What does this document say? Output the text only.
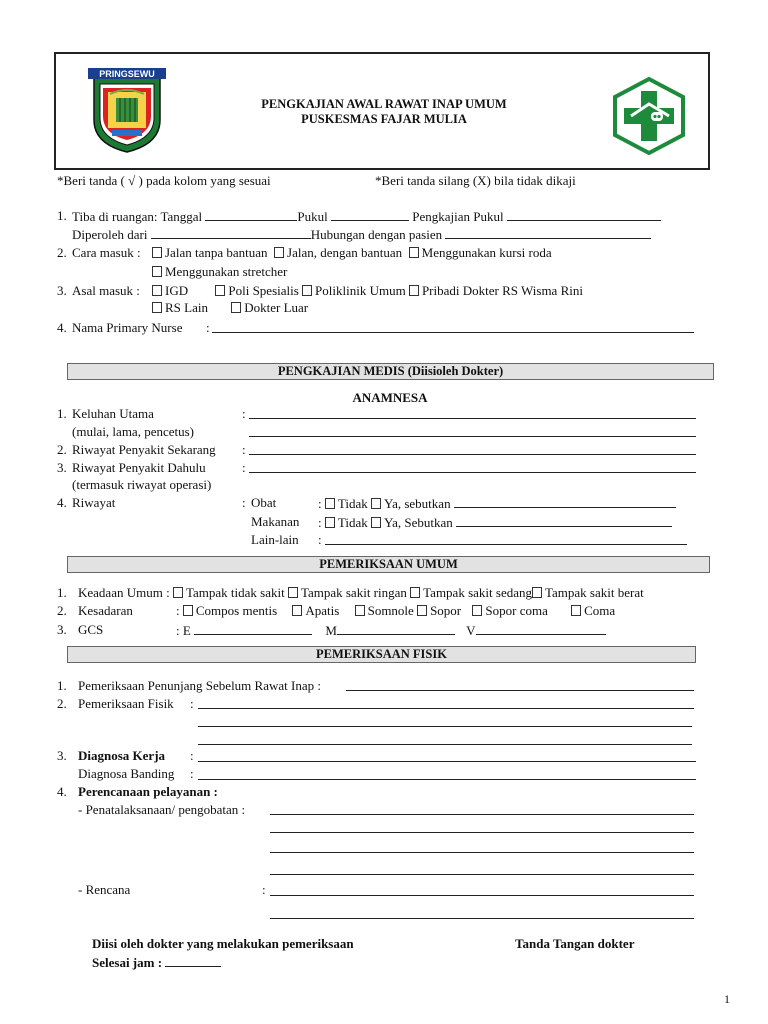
PRINGSEWU
PENGKAJIAN AWAL RAWAT INAP UMUM
PUSKESMAS FAJAR MULIA
*Beri tanda ( √ ) pada kolom yang sesuai	*Beri tanda silang (X) bila tidak dikaji
1. Tiba di ruangan: Tanggal	Pukul	Pengkajian Pukul
Diperoleh dari	Hubungan dengan pasien
2. Cara masuk :	Jalan tanpa bantuan Jalan, dengan bantuan Menggunakan kursi roda
Menggunakan stretcher
3. Asal masuk :	IGD	Poli Spesialis Poliklinik Umum Pribadi Dokter RS Wisma Rini
RS Lain	Dokter Luar
4. Nama Primary Nurse :
PENGKAJIAN MEDIS (Diisioleh Dokter)
ANAMNESA
1. Keluhan Utama	:
(mulai, lama, pencetus)
2. Riwayat Penyakit Sekarang :
3. Riwayat Penyakit Dahulu	:
(termasuk riwayat operasi)
4. Riwayat	: Obat	: Tidak Ya, sebutkan
Makanan : Tidak Ya, Sebutkan
Lain-lain :
PEMERIKSAAN UMUM
1. Keadaan Umum : Tampak tidak sakit Tampak sakit ringan Tampak sakit sedang Tampak sakit berat
2. Kesadaran	: Compos mentis Apatis Somnole Sopor Sopor coma	Coma
3. GCS	: E	M	V
PEMERIKSAAN FISIK
1. Pemeriksaan Penunjang Sebelum Rawat Inap :
2. Pemeriksaan Fisik :
3. Diagnosa Kerja :
Diagnosa Banding :
4. Perencanaan pelayanan :
- Penatalaksanaan/ pengobatan :
- Rencana	:
Diisi oleh dokter yang melakukan pemeriksaan	Tanda Tangan dokter
Selesai jam :
1
